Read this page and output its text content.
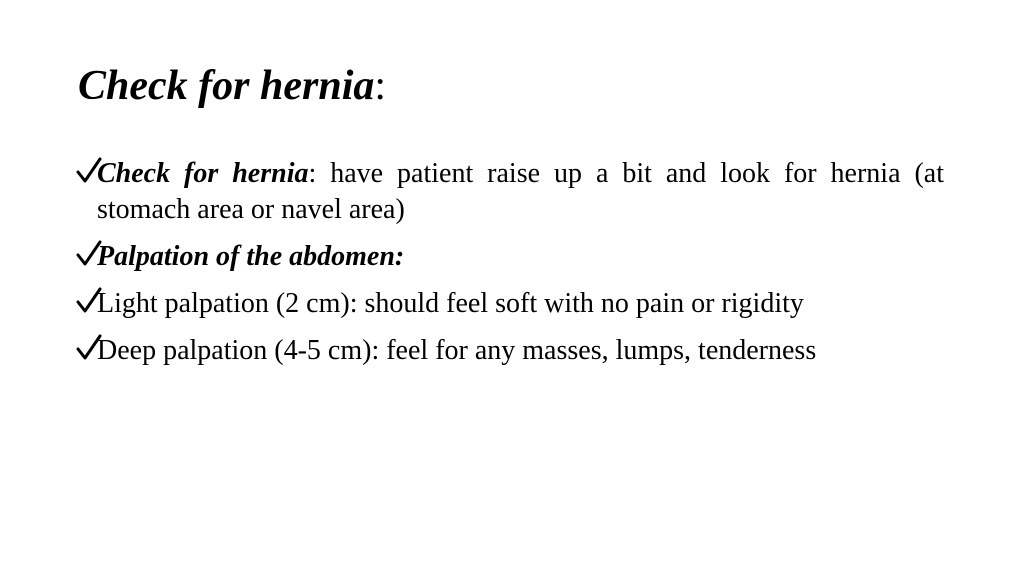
Check for hernia:
Check for hernia: have patient raise up a bit and look for hernia (at stomach area or navel area)
Palpation of the abdomen:
Light palpation (2 cm): should feel soft with no pain or rigidity
Deep palpation (4-5 cm): feel for any masses, lumps, tenderness
